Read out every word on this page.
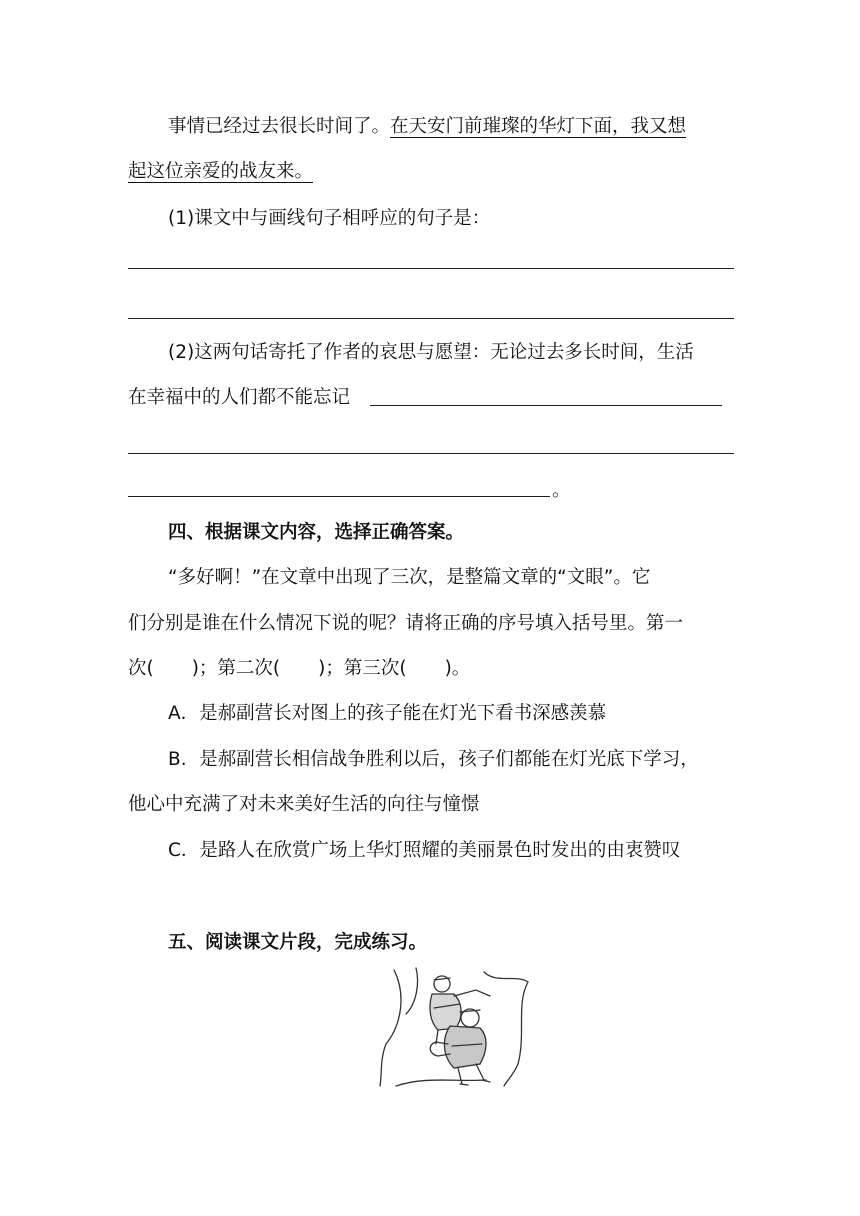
事情已经过去很长时间了。在天安门前璀璨的华灯下面，我又想
起这位亲爱的战友来。
(1)课文中与画线句子相呼应的句子是：
(2)这两句话寄托了作者的哀思与愿望：无论过去多长时间，生活
在幸福中的人们都不能忘记
。
四、根据课文内容，选择正确答案。
“多好啊！”在文章中出现了三次，是整篇文章的“文眼”。它
们分别是谁在什么情况下说的呢？请将正确的序号填入括号里。第一
次( )；第二次( )；第三次( )。
A．是郝副营长对图上的孩子能在灯光下看书深感羡慕
B．是郝副营长相信战争胜利以后，孩子们都能在灯光底下学习，
他心中充满了对未来美好生活的向往与憧憬
C．是路人在欣赏广场上华灯照耀的美丽景色时发出的由衷赞叹
五、阅读课文片段，完成练习。
